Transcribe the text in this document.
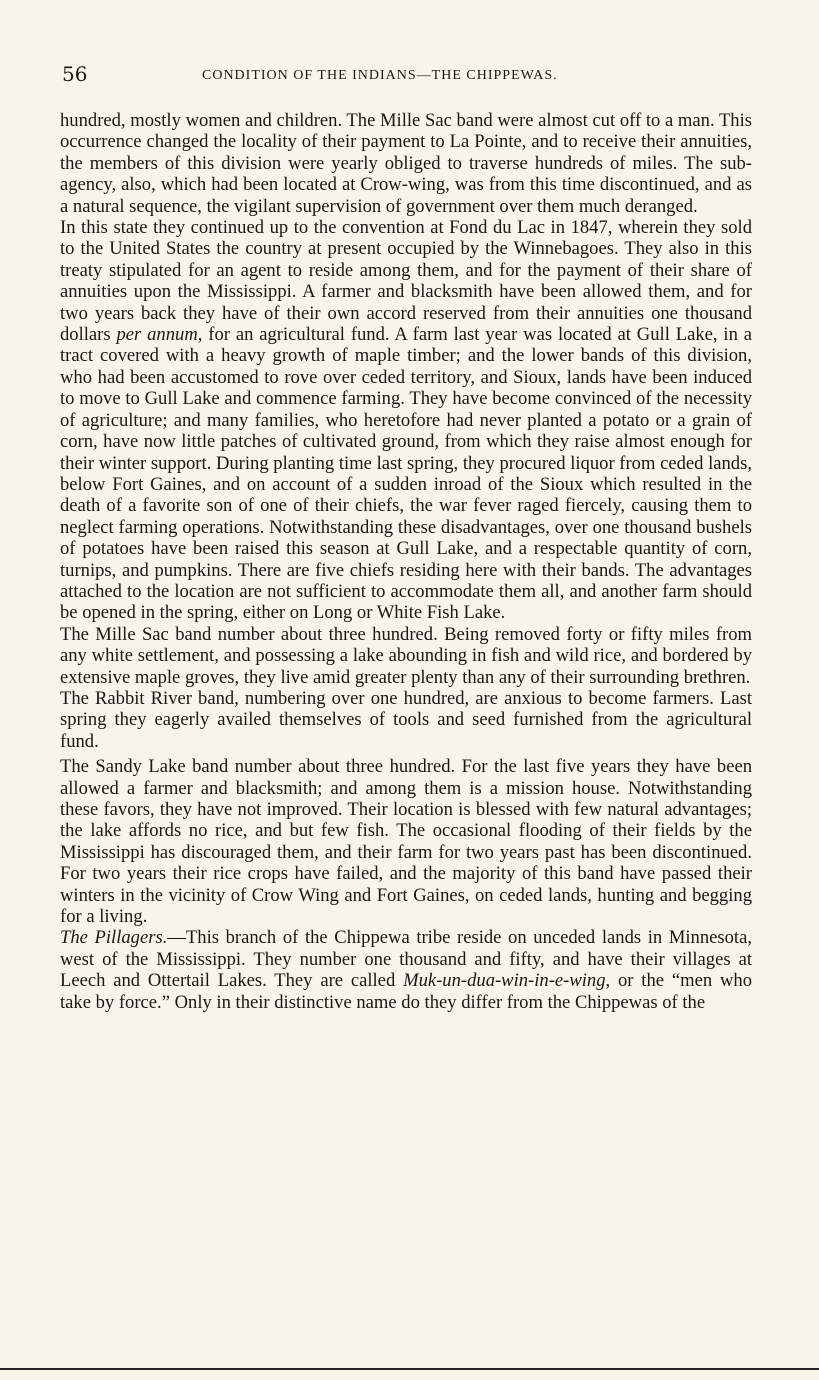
56	CONDITION OF THE INDIANS—THE CHIPPEWAS.

hundred, mostly women and children. The Mille Sac band were almost cut off to a man. This occurrence changed the locality of their payment to La Pointe, and to receive their annuities, the members of this division were yearly obliged to traverse hundreds of miles. The sub-agency, also, which had been located at Crow-wing, was from this time discontinued, and as a natural sequence, the vigilant supervision of government over them much deranged.

In this state they continued up to the convention at Fond du Lac in 1847, wherein they sold to the United States the country at present occupied by the Winnebagoes. They also in this treaty stipulated for an agent to reside among them, and for the payment of their share of annuities upon the Mississippi. A farmer and blacksmith have been allowed them, and for two years back they have of their own accord reserved from their annuities one thousand dollars per annum, for an agricultural fund. A farm last year was located at Gull Lake, in a tract covered with a heavy growth of maple timber; and the lower bands of this division, who had been accustomed to rove over ceded territory, and Sioux, lands have been induced to move to Gull Lake and commence farming. They have become convinced of the necessity of agriculture; and many families, who heretofore had never planted a potato or a grain of corn, have now little patches of cultivated ground, from which they raise almost enough for their winter support. During planting time last spring, they procured liquor from ceded lands, below Fort Gaines, and on account of a sudden inroad of the Sioux which resulted in the death of a favorite son of one of their chiefs, the war fever raged fiercely, causing them to neglect farming operations. Notwithstanding these disadvantages, over one thousand bushels of potatoes have been raised this season at Gull Lake, and a respectable quantity of corn, turnips, and pumpkins. There are five chiefs residing here with their bands. The advantages attached to the location are not sufficient to accommodate them all, and another farm should be opened in the spring, either on Long or White Fish Lake.

The Mille Sac band number about three hundred. Being removed forty or fifty miles from any white settlement, and possessing a lake abounding in fish and wild rice, and bordered by extensive maple groves, they live amid greater plenty than any of their surrounding brethren.

The Rabbit River band, numbering over one hundred, are anxious to become farmers. Last spring they eagerly availed themselves of tools and seed furnished from the agricultural fund.

The Sandy Lake band number about three hundred. For the last five years they have been allowed a farmer and blacksmith; and among them is a mission house. Notwithstanding these favors, they have not improved. Their location is blessed with few natural advantages; the lake affords no rice, and but few fish. The occasional flooding of their fields by the Mississippi has discouraged them, and their farm for two years past has been discontinued. For two years their rice crops have failed, and the majority of this band have passed their winters in the vicinity of Crow Wing and Fort Gaines, on ceded lands, hunting and begging for a living.

The Pillagers.—This branch of the Chippewa tribe reside on unceded lands in Minnesota, west of the Mississippi. They number one thousand and fifty, and have their villages at Leech and Ottertail Lakes. They are called Muk-un-dua-win-in-e-wing, or the “men who take by force.” Only in their distinctive name do they differ from the Chippewas of the
